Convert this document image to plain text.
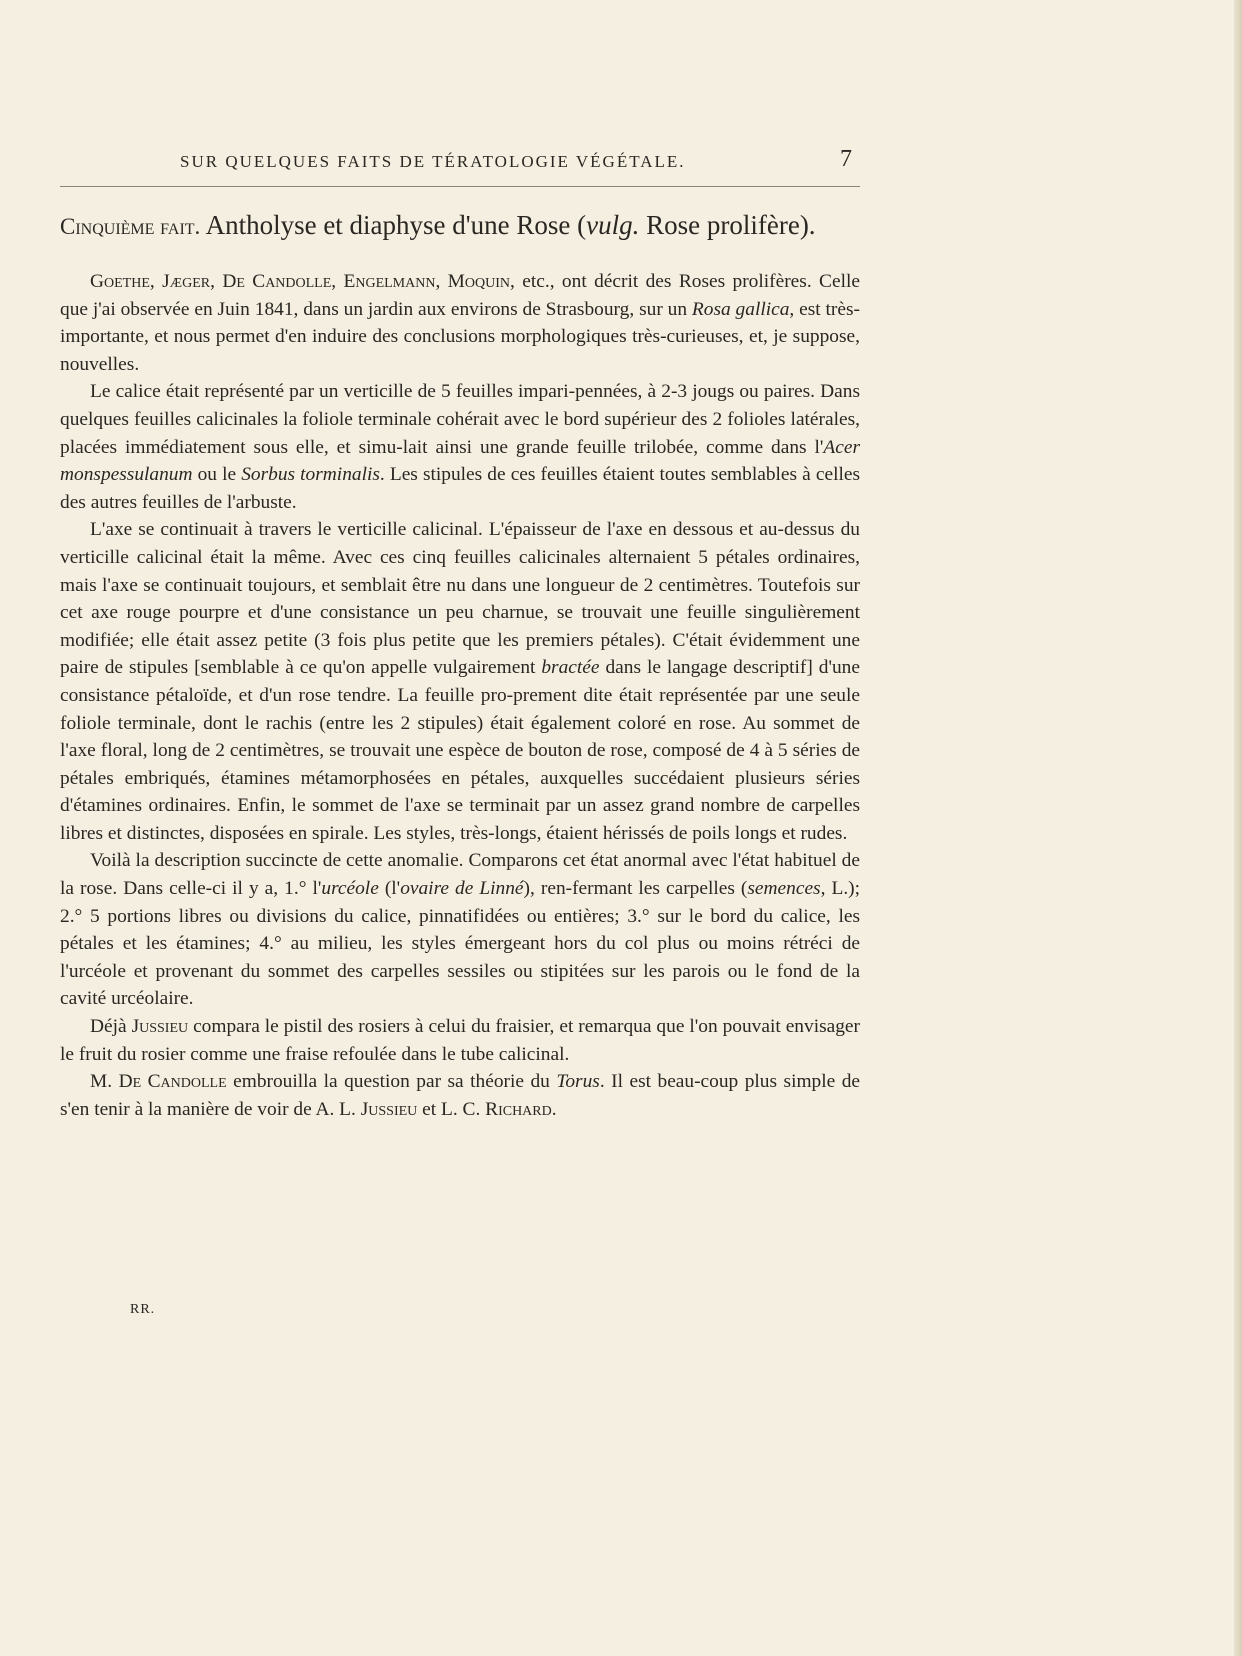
SUR QUELQUES FAITS DE TÉRATOLOGIE VÉGÉTALE.	7
Cinquième fait. Antholyse et diaphyse d'une Rose (vulg. Rose prolifère).

Goethe, Jæger, De Candolle, Engelmann, Moquin, etc., ont décrit des Roses prolifères. Celle que j'ai observée en Juin 1841, dans un jardin aux environs de Strasbourg, sur un Rosa gallica, est très-importante, et nous permet d'en induire des conclusions morphologiques très-curieuses, et, je suppose, nouvelles.

Le calice était représenté par un verticille de 5 feuilles impari-pennées, à 2-3 jougs ou paires. Dans quelques feuilles calicinales la foliole terminale cohérait avec le bord supérieur des 2 folioles latérales, placées immédiatement sous elle, et simu-lait ainsi une grande feuille trilobée, comme dans l'Acer monspessulanum ou le Sorbus torminalis. Les stipules de ces feuilles étaient toutes semblables à celles des autres feuilles de l'arbuste.

L'axe se continuait à travers le verticille calicinal. L'épaisseur de l'axe en dessous et au-dessus du verticille calicinal était la même. Avec ces cinq feuilles calicinales alternaient 5 pétales ordinaires, mais l'axe se continuait toujours, et semblait être nu dans une longueur de 2 centimètres. Toutefois sur cet axe rouge pourpre et d'une consistance un peu charnue, se trouvait une feuille singulièrement modifiée; elle était assez petite (3 fois plus petite que les premiers pétales). C'était évidemment une paire de stipules [semblable à ce qu'on appelle vulgairement bractée dans le langage descriptif] d'une consistance pétaloïde, et d'un rose tendre. La feuille pro-prement dite était représentée par une seule foliole terminale, dont le rachis (entre les 2 stipules) était également coloré en rose. Au sommet de l'axe floral, long de 2 centimètres, se trouvait une espèce de bouton de rose, composé de 4 à 5 séries de pétales embriqués, étamines métamorphosées en pétales, auxquelles succédaient plusieurs séries d'étamines ordinaires. Enfin, le sommet de l'axe se terminait par un assez grand nombre de carpelles libres et distinctes, disposées en spirale. Les styles, très-longs, étaient hérissés de poils longs et rudes.

Voilà la description succincte de cette anomalie. Comparons cet état anormal avec l'état habituel de la rose. Dans celle-ci il y a, 1.° l'urcéole (l'ovaire de Linné), ren-fermant les carpelles (semences, L.); 2.° 5 portions libres ou divisions du calice, pinnatifidées ou entières; 3.° sur le bord du calice, les pétales et les étamines; 4.° au milieu, les styles émergeant hors du col plus ou moins rétréci de l'urcéole et provenant du sommet des carpelles sessiles ou stipitées sur les parois ou le fond de la cavité urcéolaire.

Déjà Jussieu compara le pistil des rosiers à celui du fraisier, et remarqua que l'on pouvait envisager le fruit du rosier comme une fraise refoulée dans le tube calicinal.

M. De Candolle embrouilla la question par sa théorie du Torus. Il est beau-coup plus simple de s'en tenir à la manière de voir de A. L. Jussieu et L. C. Richard.

RR.
